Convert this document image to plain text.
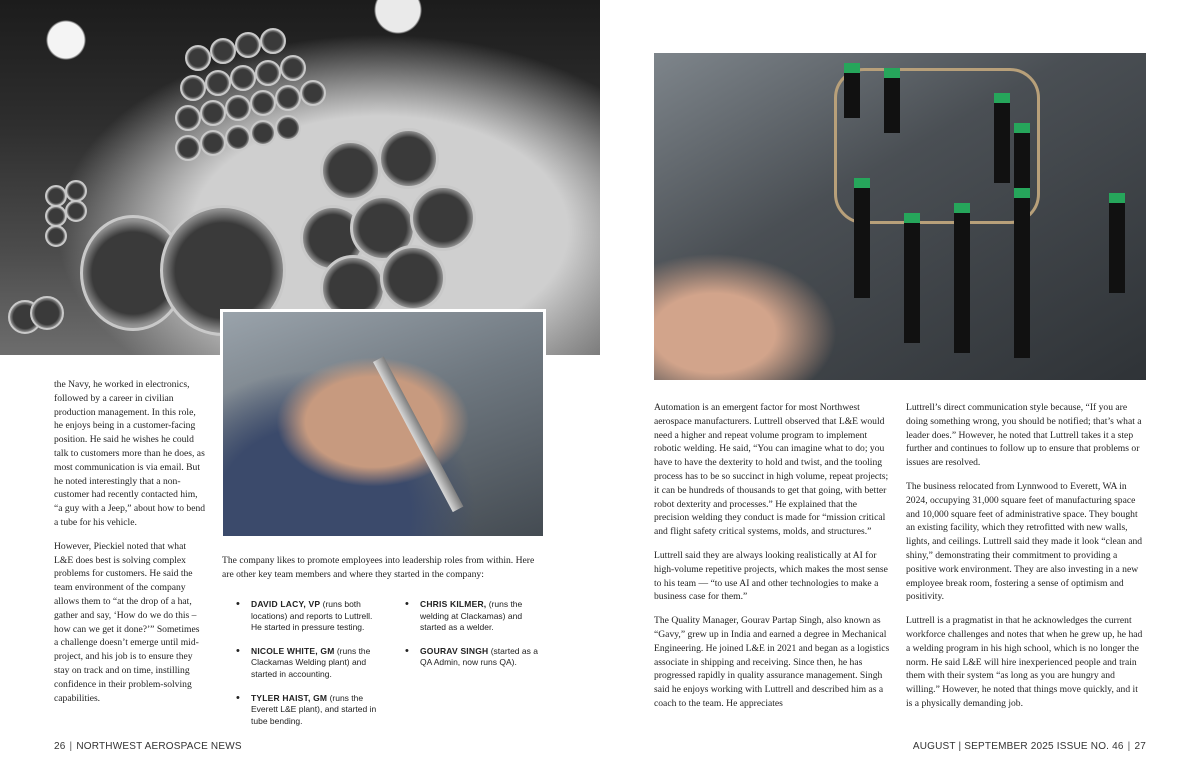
the Navy, he worked in electronics, followed by a career in civilian production management. In this role, he enjoys being in a customer-facing position. He said he wishes he could talk to customers more than he does, as most communication is via email. But he noted interestingly that a non-customer had recently contacted him, “a guy with a Jeep,” about how to bend a tube for his vehicle.

However, Pieckiel noted that what L&E does best is solving complex problems for customers. He said the team environment of the company allows them to “at the drop of a hat, gather and say, ‘How do we do this – how can we get it done?’” Sometimes a challenge doesn’t emerge until mid-project, and his job is to ensure they stay on track and on time, instilling confidence in their problem-solving capabilities.

The company likes to promote employees into leadership roles from within. Here are other key team members and where they started in the company:

• DAVID LACY, VP (runs both locations) and reports to Luttrell. He started in pressure testing.
• NICOLE WHITE, GM (runs the Clackamas Welding plant) and started in accounting.
• TYLER HAIST, GM (runs the Everett L&E plant), and started in tube bending.
• CHRIS KILMER, (runs the welding at Clackamas) and started as a welder.
• GOURAV SINGH (started as a QA Admin, now runs QA).
26 | NORTHWEST AEROSPACE NEWS

Automation is an emergent factor for most Northwest aerospace manufacturers. Luttrell observed that L&E would need a higher and repeat volume program to implement robotic welding. He said, “You can imagine what to do; you have to have the dexterity to hold and twist, and the tooling process has to be so succinct in high volume, repeat projects; it can be hundreds of thousands to get that going, with better robot dexterity and processes.” He explained that the precision welding they conduct is made for “mission critical and flight safety critical systems, molds, and structures.”

Luttrell said they are always looking realistically at AI for high-volume repetitive projects, which makes the most sense to his team — “to use AI and other technologies to make a business case for them.”

The Quality Manager, Gourav Partap Singh, also known as “Gavy,” grew up in India and earned a degree in Mechanical Engineering. He joined L&E in 2021 and began as a logistics associate in shipping and receiving. Since then, he has progressed rapidly in quality assurance management. Singh said he enjoys working with Luttrell and described him as a coach to the team. He appreciates

Luttrell’s direct communication style because, “If you are doing something wrong, you should be notified; that’s what a leader does.” However, he noted that Luttrell takes it a step further and continues to follow up to ensure that problems or issues are resolved.

The business relocated from Lynnwood to Everett, WA in 2024, occupying 31,000 square feet of manufacturing space and 10,000 square feet of administrative space. They bought an existing facility, which they retrofitted with new walls, lights, and ceilings. Luttrell said they made it look “clean and shiny,” demonstrating their commitment to providing a positive work environment. They are also investing in a new employee break room, fostering a sense of optimism and positivity.

Luttrell is a pragmatist in that he acknowledges the current workforce challenges and notes that when he grew up, he had a welding program in his high school, which is no longer the norm. He said L&E will hire inexperienced people and train them with their system “as long as you are hungry and willing.” However, he noted that things move quickly, and it is a physically demanding job.

AUGUST | SEPTEMBER 2025 ISSUE NO. 46 | 27
